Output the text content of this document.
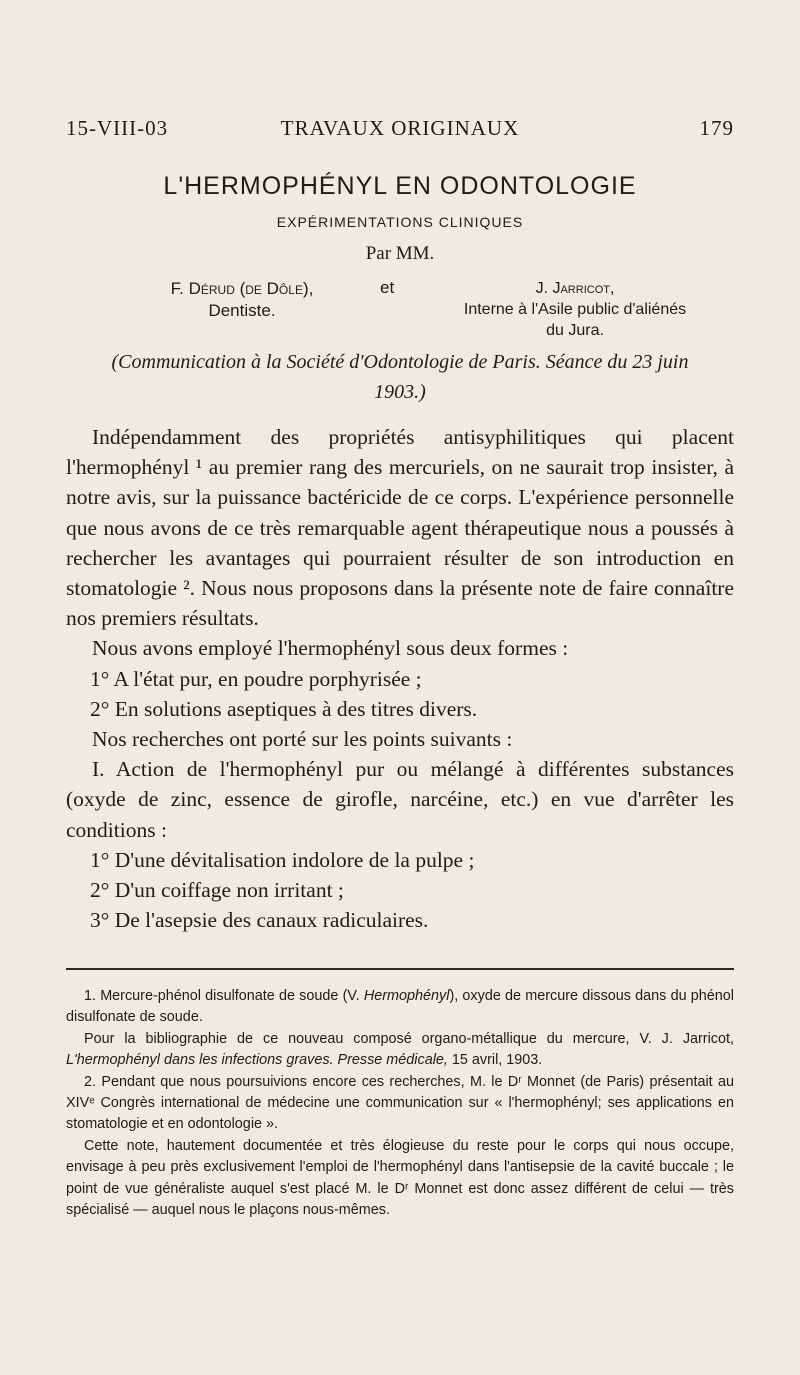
15-VIII-03	TRAVAUX ORIGINAUX	179
L'HERMOPHÉNYL EN ODONTOLOGIE
EXPÉRIMENTATIONS CLINIQUES
Par MM.
F. Dérud (de Dôle),
Dentiste.
et	J. Jarricot,
Interne à l'Asile public d'aliénés
du Jura.
(Communication à la Société d'Odontologie de Paris. Séance du 23 juin
1903.)

Indépendamment des propriétés antisyphilitiques qui placent l'hermophényl ¹ au premier rang des mercuriels, on ne saurait trop insister, à notre avis, sur la puissance bactéricide de ce corps. L'expérience personnelle que nous avons de ce très remarquable agent thérapeutique nous a poussés à rechercher les avantages qui pourraient résulter de son introduction en stomatologie ². Nous nous proposons dans la présente note de faire connaître nos premiers résultats.

Nous avons employé l'hermophényl sous deux formes :

1° A l'état pur, en poudre porphyrisée ;

2° En solutions aseptiques à des titres divers.

Nos recherches ont porté sur les points suivants :

I. Action de l'hermophényl pur ou mélangé à différentes substances (oxyde de zinc, essence de girofle, narcéine, etc.) en vue d'arrêter les conditions :

1° D'une dévitalisation indolore de la pulpe ;

2° D'un coiffage non irritant ;

3° De l'asepsie des canaux radiculaires.

1. Mercure-phénol disulfonate de soude (V. Hermophényl), oxyde de mercure dissous dans du phénol disulfonate de soude.

Pour la bibliographie de ce nouveau composé organo-métallique du mercure, V. J. Jarricot, L'hermophényl dans les infections graves. Presse médicale, 15 avril, 1903.

2. Pendant que nous poursuivions encore ces recherches, M. le Dʳ Monnet (de Paris) présentait au XIVᵉ Congrès international de médecine une communication sur « l'hermophényl; ses applications en stomatologie et en odontologie ».

Cette note, hautement documentée et très élogieuse du reste pour le corps qui nous occupe, envisage à peu près exclusivement l'emploi de l'hermophényl dans l'antisepsie de la cavité buccale ; le point de vue généraliste auquel s'est placé M. le Dʳ Monnet est donc assez différent de celui — très spécialisé — auquel nous le plaçons nous-mêmes.
